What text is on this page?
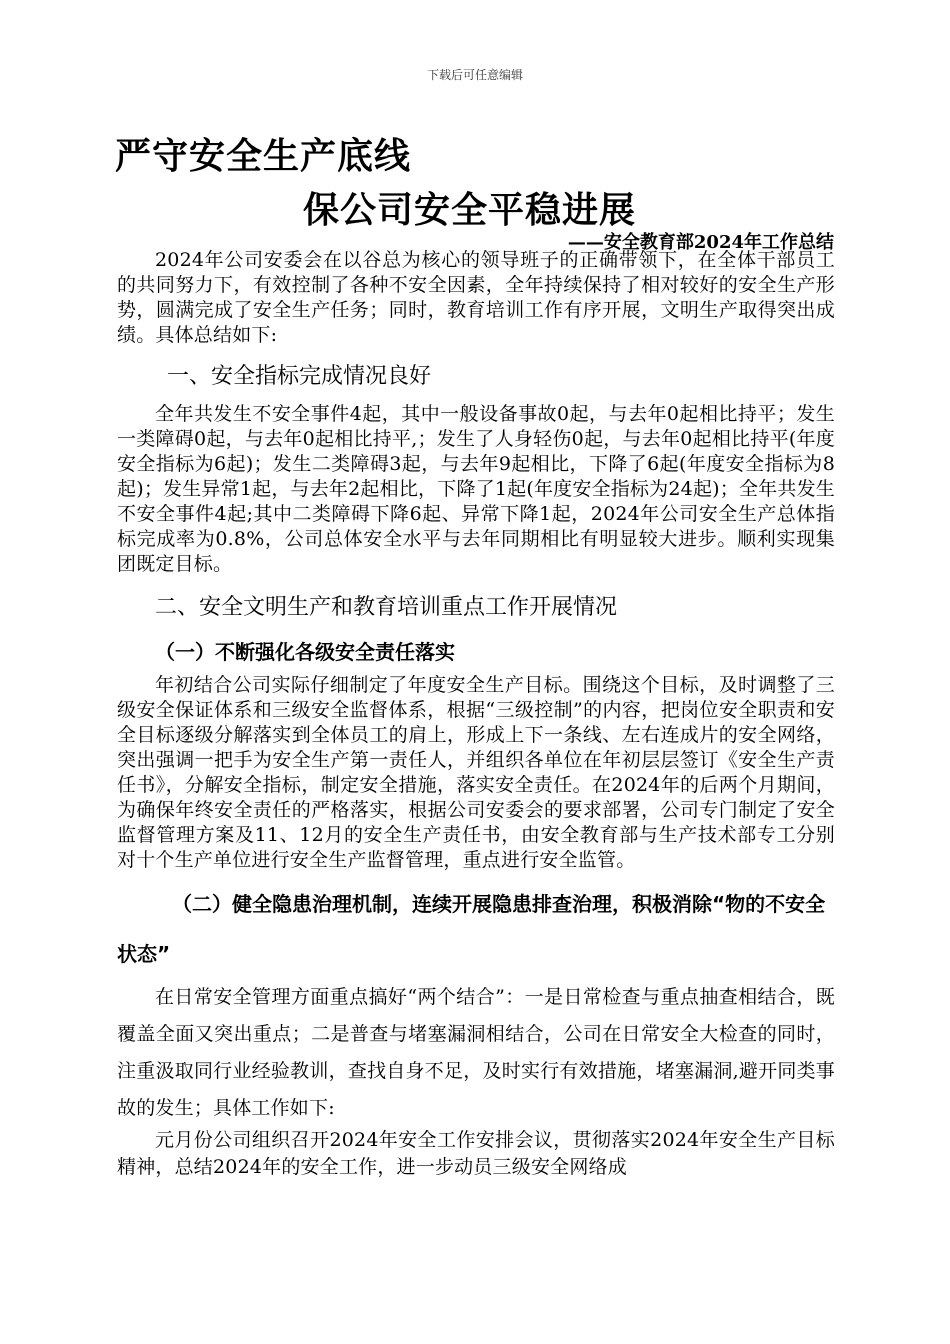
下载后可任意编辑
严守安全生产底线
保公司安全平稳进展
——安全教育部2024年工作总结

2024年公司安委会在以谷总为核心的领导班子的正确带领下，在全体干部员工的共同努力下，有效控制了各种不安全因素，全年持续保持了相对较好的安全生产形势，圆满完成了安全生产任务；同时，教育培训工作有序开展，文明生产取得突出成绩。具体总结如下:

一、安全指标完成情况良好

全年共发生不安全事件4起，其中一般设备事故0起，与去年0起相比持平；发生一类障碍0起，与去年0起相比持平,；发生了人身轻伤0起，与去年0起相比持平(年度安全指标为6起)；发生二类障碍3起，与去年9起相比，下降了6起(年度安全指标为8起)；发生异常1起，与去年2起相比，下降了1起(年度安全指标为24起)；全年共发生不安全事件4起;其中二类障碍下降6起、异常下降1起，2024年公司安全生产总体指标完成率为0.8%，公司总体安全水平与去年同期相比有明显较大进步。顺利实现集团既定目标。

二、安全文明生产和教育培训重点工作开展情况
（一）不断强化各级安全责任落实

年初结合公司实际仔细制定了年度安全生产目标。围绕这个目标，及时调整了三级安全保证体系和三级安全监督体系，根据“三级控制”的内容，把岗位安全职责和安全目标逐级分解落实到全体员工的肩上，形成上下一条线、左右连成片的安全网络，突出强调一把手为安全生产第一责任人，并组织各单位在年初层层签订《安全生产责任书》，分解安全指标，制定安全措施，落实安全责任。在2024年的后两个月期间，为确保年终安全责任的严格落实，根据公司安委会的要求部署，公司专门制定了安全监督管理方案及11、12月的安全生产责任书，由安全教育部与生产技术部专工分别对十个生产单位进行安全生产监督管理，重点进行安全监管。

（二）健全隐患治理机制，连续开展隐患排查治理，积极消除“物的不安全状态”

在日常安全管理方面重点搞好“两个结合”：一是日常检查与重点抽查相结合，既覆盖全面又突出重点；二是普查与堵塞漏洞相结合，公司在日常安全大检查的同时，注重汲取同行业经验教训，查找自身不足，及时实行有效措施，堵塞漏洞,避开同类事故的发生；具体工作如下:

元月份公司组织召开2024年安全工作安排会议，贯彻落实2024年安全生产目标精神，总结2024年的安全工作，进一步动员三级安全网络成
